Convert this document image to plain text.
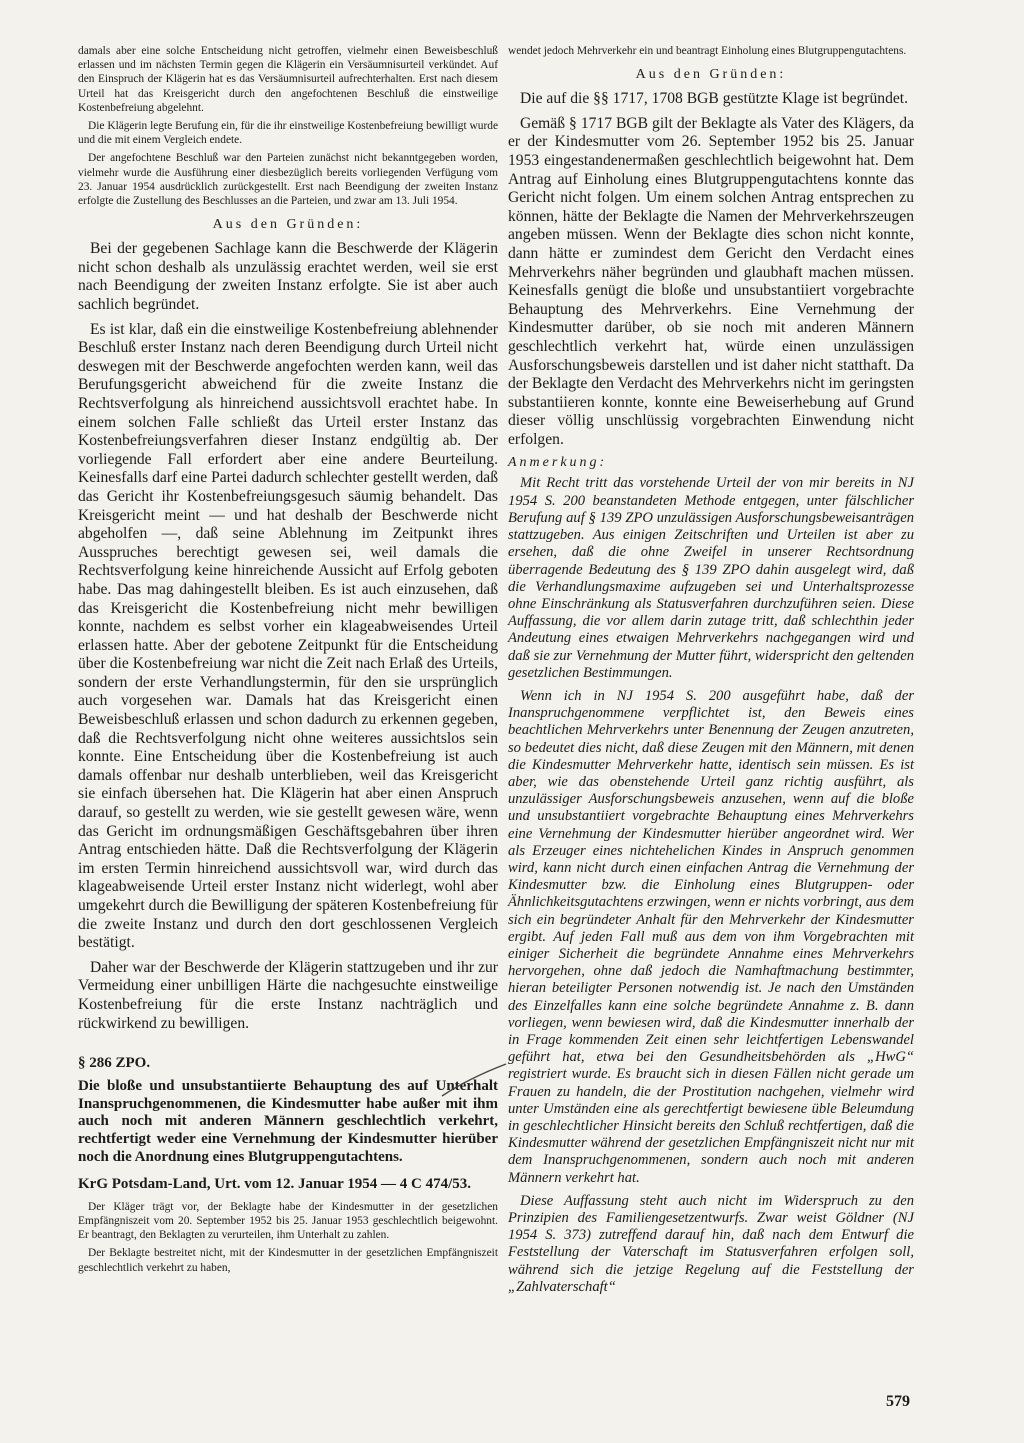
damals aber eine solche Entscheidung nicht getroffen, vielmehr einen Beweisbeschluß erlassen und im nächsten Termin gegen die Klägerin ein Versäumnisurteil verkündet. Auf den Einspruch der Klägerin hat es das Versäumnisurteil aufrechterhalten. Erst nach diesem Urteil hat das Kreisgericht durch den angefochtenen Beschluß die einstweilige Kostenbefreiung abgelehnt.

Die Klägerin legte Berufung ein, für die ihr einstweilige Kostenbefreiung bewilligt wurde und die mit einem Vergleich endete.

Der angefochtene Beschluß war den Parteien zunächst nicht bekanntgegeben worden, vielmehr wurde die Ausführung einer diesbezüglich bereits vorliegenden Verfügung vom 23. Januar 1954 ausdrücklich zurückgestellt. Erst nach Beendigung der zweiten Instanz erfolgte die Zustellung des Beschlusses an die Parteien, und zwar am 13. Juli 1954.

Aus den Gründen:

Bei der gegebenen Sachlage kann die Beschwerde der Klägerin nicht schon deshalb als unzulässig erachtet werden, weil sie erst nach Beendigung der zweiten Instanz erfolgte. Sie ist aber auch sachlich begründet.

Es ist klar, daß ein die einstweilige Kostenbefreiung ablehnender Beschluß erster Instanz nach deren Beendigung durch Urteil nicht deswegen mit der Beschwerde angefochten werden kann, weil das Berufungsgericht abweichend für die zweite Instanz die Rechtsverfolgung als hinreichend aussichtsvoll erachtet habe. In einem solchen Falle schließt das Urteil erster Instanz das Kostenbefreiungsverfahren dieser Instanz endgültig ab. Der vorliegende Fall erfordert aber eine andere Beurteilung. Keinesfalls darf eine Partei dadurch schlechter gestellt werden, daß das Gericht ihr Kostenbefreiungsgesuch säumig behandelt. Das Kreisgericht meint — und hat deshalb der Beschwerde nicht abgeholfen —, daß seine Ablehnung im Zeitpunkt ihres Ausspruches berechtigt gewesen sei, weil damals die Rechtsverfolgung keine hinreichende Aussicht auf Erfolg geboten habe. Das mag dahingestellt bleiben. Es ist auch einzusehen, daß das Kreisgericht die Kostenbefreiung nicht mehr bewilligen konnte, nachdem es selbst vorher ein klageabweisendes Urteil erlassen hatte. Aber der gebotene Zeitpunkt für die Entscheidung über die Kostenbefreiung war nicht die Zeit nach Erlaß des Urteils, sondern der erste Verhandlungstermin, für den sie ursprünglich auch vorgesehen war. Damals hat das Kreisgericht einen Beweisbeschluß erlassen und schon dadurch zu erkennen gegeben, daß die Rechtsverfolgung nicht ohne weiteres aussichtslos sein konnte. Eine Entscheidung über die Kostenbefreiung ist auch damals offenbar nur deshalb unterblieben, weil das Kreisgericht sie einfach übersehen hat. Die Klägerin hat aber einen Anspruch darauf, so gestellt zu werden, wie sie gestellt gewesen wäre, wenn das Gericht im ordnungsmäßigen Geschäftsgebahren über ihren Antrag entschieden hätte. Daß die Rechtsverfolgung der Klägerin im ersten Termin hinreichend aussichtsvoll war, wird durch das klageabweisende Urteil erster Instanz nicht widerlegt, wohl aber umgekehrt durch die Bewilligung der späteren Kostenbefreiung für die zweite Instanz und durch den dort geschlossenen Vergleich bestätigt.

Daher war der Beschwerde der Klägerin stattzugeben und ihr zur Vermeidung einer unbilligen Härte die nachgesuchte einstweilige Kostenbefreiung für die erste Instanz nachträglich und rückwirkend zu bewilligen.

§ 286 ZPO.

Die bloße und unsubstantiierte Behauptung des auf Unterhalt Inanspruchgenommenen, die Kindesmutter habe außer mit ihm auch noch mit anderen Männern geschlechtlich verkehrt, rechtfertigt weder eine Vernehmung der Kindesmutter hierüber noch die Anordnung eines Blutgruppengutachtens.

KrG Potsdam-Land, Urt. vom 12. Januar 1954 — 4 C 474/53.

Der Kläger trägt vor, der Beklagte habe der Kindesmutter in der gesetzlichen Empfängniszeit vom 20. September 1952 bis 25. Januar 1953 geschlechtlich beigewohnt. Er beantragt, den Beklagten zu verurteilen, ihm Unterhalt zu zahlen.

Der Beklagte bestreitet nicht, mit der Kindesmutter in der gesetzlichen Empfängniszeit geschlechtlich verkehrt zu haben,

wendet jedoch Mehrverkehr ein und beantragt Einholung eines Blutgruppengutachtens.

Aus den Gründen:

Die auf die §§ 1717, 1708 BGB gestützte Klage ist begründet.

Gemäß § 1717 BGB gilt der Beklagte als Vater des Klägers, da er der Kindesmutter vom 26. September 1952 bis 25. Januar 1953 eingestandenermaßen geschlechtlich beigewohnt hat. Dem Antrag auf Einholung eines Blutgruppengutachtens konnte das Gericht nicht folgen. Um einem solchen Antrag entsprechen zu können, hätte der Beklagte die Namen der Mehrverkehrszeugen angeben müssen. Wenn der Beklagte dies schon nicht konnte, dann hätte er zumindest dem Gericht den Verdacht eines Mehrverkehrs näher begründen und glaubhaft machen müssen. Keinesfalls genügt die bloße und unsubstantiiert vorgebrachte Behauptung des Mehrverkehrs. Eine Vernehmung der Kindesmutter darüber, ob sie noch mit anderen Männern geschlechtlich verkehrt hat, würde einen unzulässigen Ausforschungsbeweis darstellen und ist daher nicht statthaft. Da der Beklagte den Verdacht des Mehrverkehrs nicht im geringsten substantiieren konnte, konnte eine Beweiserhebung auf Grund dieser völlig unschlüssig vorgebrachten Einwendung nicht erfolgen.

Anmerkung:

Mit Recht tritt das vorstehende Urteil der von mir bereits in NJ 1954 S. 200 beanstandeten Methode entgegen, unter fälschlicher Berufung auf § 139 ZPO unzulässigen Ausforschungsbeweisanträgen stattzugeben. Aus einigen Zeitschriften und Urteilen ist aber zu ersehen, daß die ohne Zweifel in unserer Rechtsordnung überragende Bedeutung des § 139 ZPO dahin ausgelegt wird, daß die Verhandlungsmaxime aufzugeben sei und Unterhaltsprozesse ohne Einschränkung als Statusverfahren durchzuführen seien. Diese Auffassung, die vor allem darin zutage tritt, daß schlechthin jeder Andeutung eines etwaigen Mehrverkehrs nachgegangen wird und daß sie zur Vernehmung der Mutter führt, widerspricht den geltenden gesetzlichen Bestimmungen.

Wenn ich in NJ 1954 S. 200 ausgeführt habe, daß der Inanspruchgenommene verpflichtet ist, den Beweis eines beachtlichen Mehrverkehrs unter Benennung der Zeugen anzutreten, so bedeutet dies nicht, daß diese Zeugen mit den Männern, mit denen die Kindesmutter Mehrverkehr hatte, identisch sein müssen. Es ist aber, wie das obenstehende Urteil ganz richtig ausführt, als unzulässiger Ausforschungsbeweis anzusehen, wenn auf die bloße und unsubstantiiert vorgebrachte Behauptung eines Mehrverkehrs eine Vernehmung der Kindesmutter hierüber angeordnet wird. Wer als Erzeuger eines nichtehelichen Kindes in Anspruch genommen wird, kann nicht durch einen einfachen Antrag die Vernehmung der Kindesmutter bzw. die Einholung eines Blutgruppen- oder Ähnlichkeitsgutachtens erzwingen, wenn er nichts vorbringt, aus dem sich ein begründeter Anhalt für den Mehrverkehr der Kindesmutter ergibt. Auf jeden Fall muß aus dem von ihm Vorgebrachten mit einiger Sicherheit die begründete Annahme eines Mehrverkehrs hervorgehen, ohne daß jedoch die Namhaftmachung bestimmter, hieran beteiligter Personen notwendig ist. Je nach den Umständen des Einzelfalles kann eine solche begründete Annahme z. B. dann vorliegen, wenn bewiesen wird, daß die Kindesmutter innerhalb der in Frage kommenden Zeit einen sehr leichtfertigen Lebenswandel geführt hat, etwa bei den Gesundheitsbehörden als „HwG“ registriert wurde. Es braucht sich in diesen Fällen nicht gerade um Frauen zu handeln, die der Prostitution nachgehen, vielmehr wird unter Umständen eine als gerechtfertigt bewiesene üble Beleumdung in geschlechtlicher Hinsicht bereits den Schluß rechtfertigen, daß die Kindesmutter während der gesetzlichen Empfängniszeit nicht nur mit dem Inanspruchgenommenen, sondern auch noch mit anderen Männern verkehrt hat.

Diese Auffassung steht auch nicht im Widerspruch zu den Prinzipien des Familiengesetzentwurfs. Zwar weist Göldner (NJ 1954 S. 373) zutreffend darauf hin, daß nach dem Entwurf die Feststellung der Vaterschaft im Statusverfahren erfolgen soll, während sich die jetzige Regelung auf die Feststellung der „Zahlvaterschaft“

579
